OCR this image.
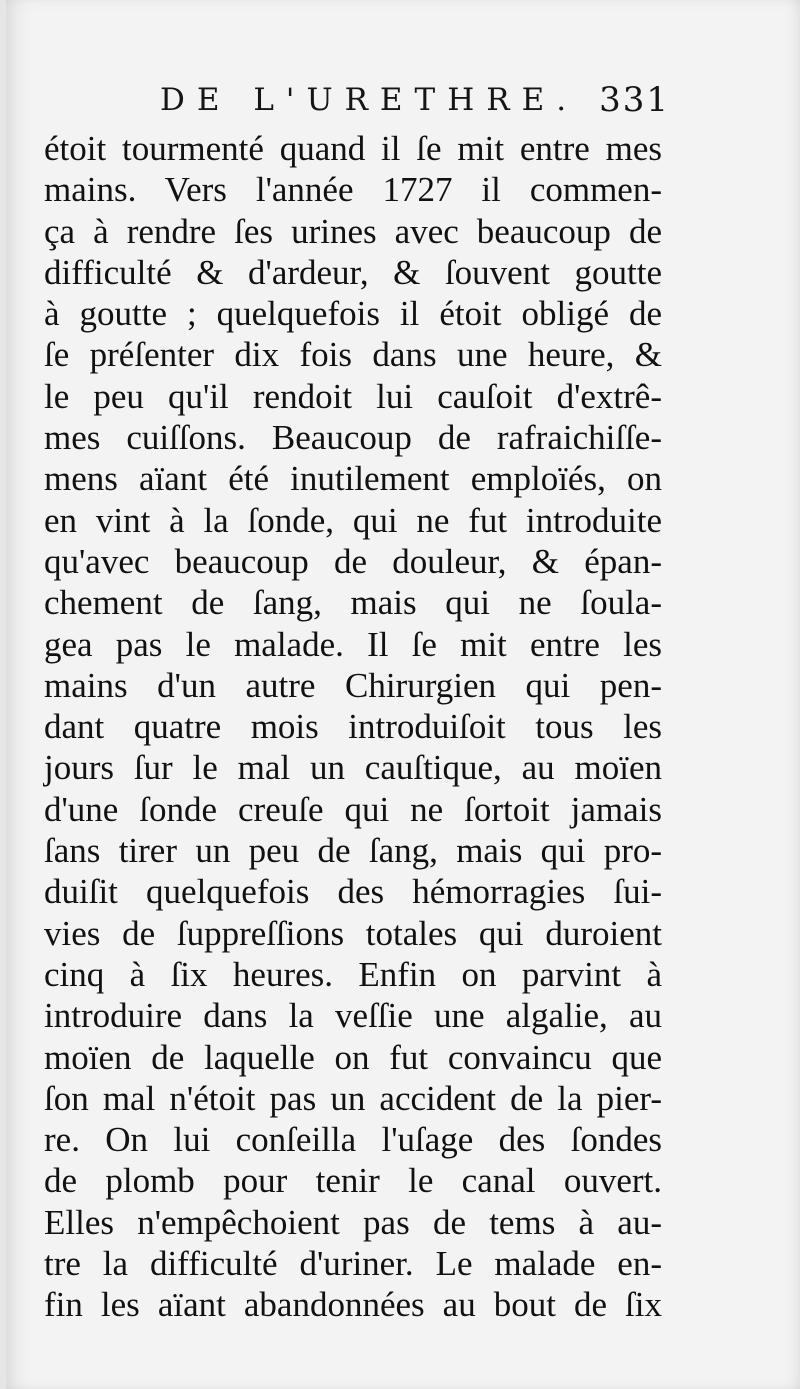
DE L'URETHRE. 331
étoit tourmenté quand il ſe mit entre mes
mains. Vers l'année 1727 il commen-
ça à rendre ſes urines avec beaucoup de
difficulté & d'ardeur, & ſouvent goutte
à goutte ; quelquefois il étoit obligé de
ſe préſenter dix fois dans une heure, &
le peu qu'il rendoit lui cauſoit d'extrê-
mes cuiſſons. Beaucoup de rafraichiſſe-
mens aïant été inutilement emploïés, on
en vint à la ſonde, qui ne fut introduite
qu'avec beaucoup de douleur, & épan-
chement de ſang, mais qui ne ſoula-
gea pas le malade. Il ſe mit entre les
mains d'un autre Chirurgien qui pen-
dant quatre mois introduiſoit tous les
jours ſur le mal un cauſtique, au moïen
d'une ſonde creuſe qui ne ſortoit jamais
ſans tirer un peu de ſang, mais qui pro-
duiſit quelquefois des hémorragies ſui-
vies de ſuppreſſions totales qui duroient
cinq à ſix heures. Enfin on parvint à
introduire dans la veſſie une algalie, au
moïen de laquelle on fut convaincu que
ſon mal n'étoit pas un accident de la pier-
re. On lui conſeilla l'uſage des ſondes
de plomb pour tenir le canal ouvert.
Elles n'empêchoient pas de tems à au-
tre la difficulté d'uriner. Le malade en-
fin les aïant abandonnées au bout de ſix
